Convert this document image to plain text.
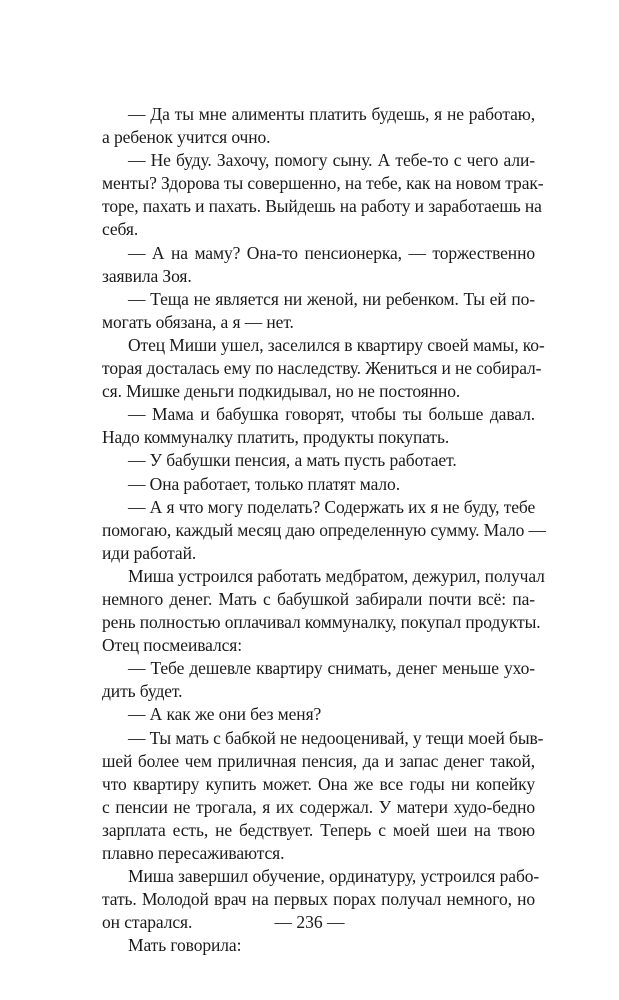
— Да ты мне алименты платить будешь, я не работаю,
а ребенок учится очно.

— Не буду. Захочу, помогу сыну. А тебе-то с чего али-
менты? Здорова ты совершенно, на тебе, как на новом трак-
торе, пахать и пахать. Выйдешь на работу и заработаешь на
себя.

— А на маму? Она-то пенсионерка, — торжественно
заявила Зоя.

— Теща не является ни женой, ни ребенком. Ты ей по-
могать обязана, а я — нет.

Отец Миши ушел, заселился в квартиру своей мамы, ко-
торая досталась ему по наследству. Жениться и не собирал-
ся. Мишке деньги подкидывал, но не постоянно.

— Мама и бабушка говорят, чтобы ты больше давал.
Надо коммуналку платить, продукты покупать.

— У бабушки пенсия, а мать пусть работает.

— Она работает, только платят мало.

— А я что могу поделать? Содержать их я не буду, тебе
помогаю, каждый месяц даю определенную сумму. Мало —
иди работай.

Миша устроился работать медбратом, дежурил, получал
немного денег. Мать с бабушкой забирали почти всё: па-
рень полностью оплачивал коммуналку, покупал продукты.
Отец посмеивался:

— Тебе дешевле квартиру снимать, денег меньше ухо-
дить будет.

— А как же они без меня?

— Ты мать с бабкой не недооценивай, у тещи моей быв-
шей более чем приличная пенсия, да и запас денег такой,
что квартиру купить может. Она же все годы ни копейку
с пенсии не трогала, я их содержал. У матери худо-бедно
зарплата есть, не бедствует. Теперь с моей шеи на твою
плавно пересаживаются.

Миша завершил обучение, ординатуру, устроился рабо-
тать. Молодой врач на первых порах получал немного, но
он старался.

Мать говорила:

— 236 —
